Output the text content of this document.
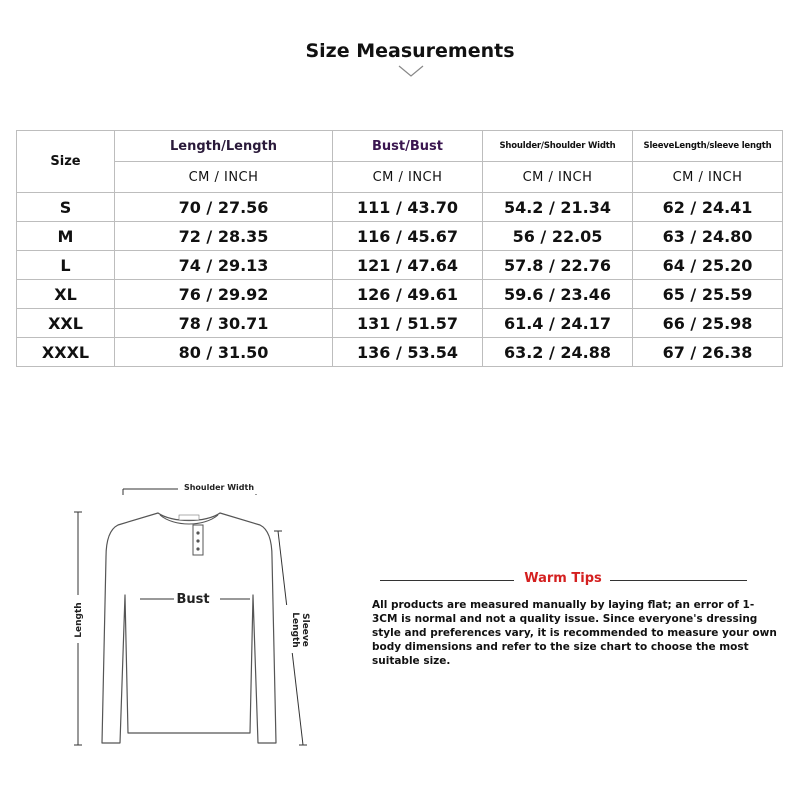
Size Measurements
Size	Length/Length	Bust/Bust	Shoulder/Shoulder Width	SleeveLength/sleeve length
	CM / INCH	CM / INCH	CM / INCH	CM / INCH
S	70 / 27.56	111 / 43.70	54.2 / 21.34	62 / 24.41
M	72 / 28.35	116 / 45.67	56 / 22.05	63 / 24.80
L	74 / 29.13	121 / 47.64	57.8 / 22.76	64 / 25.20
XL	76 / 29.92	126 / 49.61	59.6 / 23.46	65 / 25.59
XXL	78 / 30.71	131 / 51.57	61.4 / 24.17	66 / 25.98
XXXL	80 / 31.50	136 / 53.54	63.2 / 24.88	67 / 26.38
Shoulder Width
Bust
Length	Sleeve
Length
Warm Tips
All products are measured manually by laying flat; an error of 1-3CM is normal and not a quality issue. Since everyone's dressing style and preferences vary, it is recommended to measure your own body dimensions and refer to the size chart to choose the most suitable size.
